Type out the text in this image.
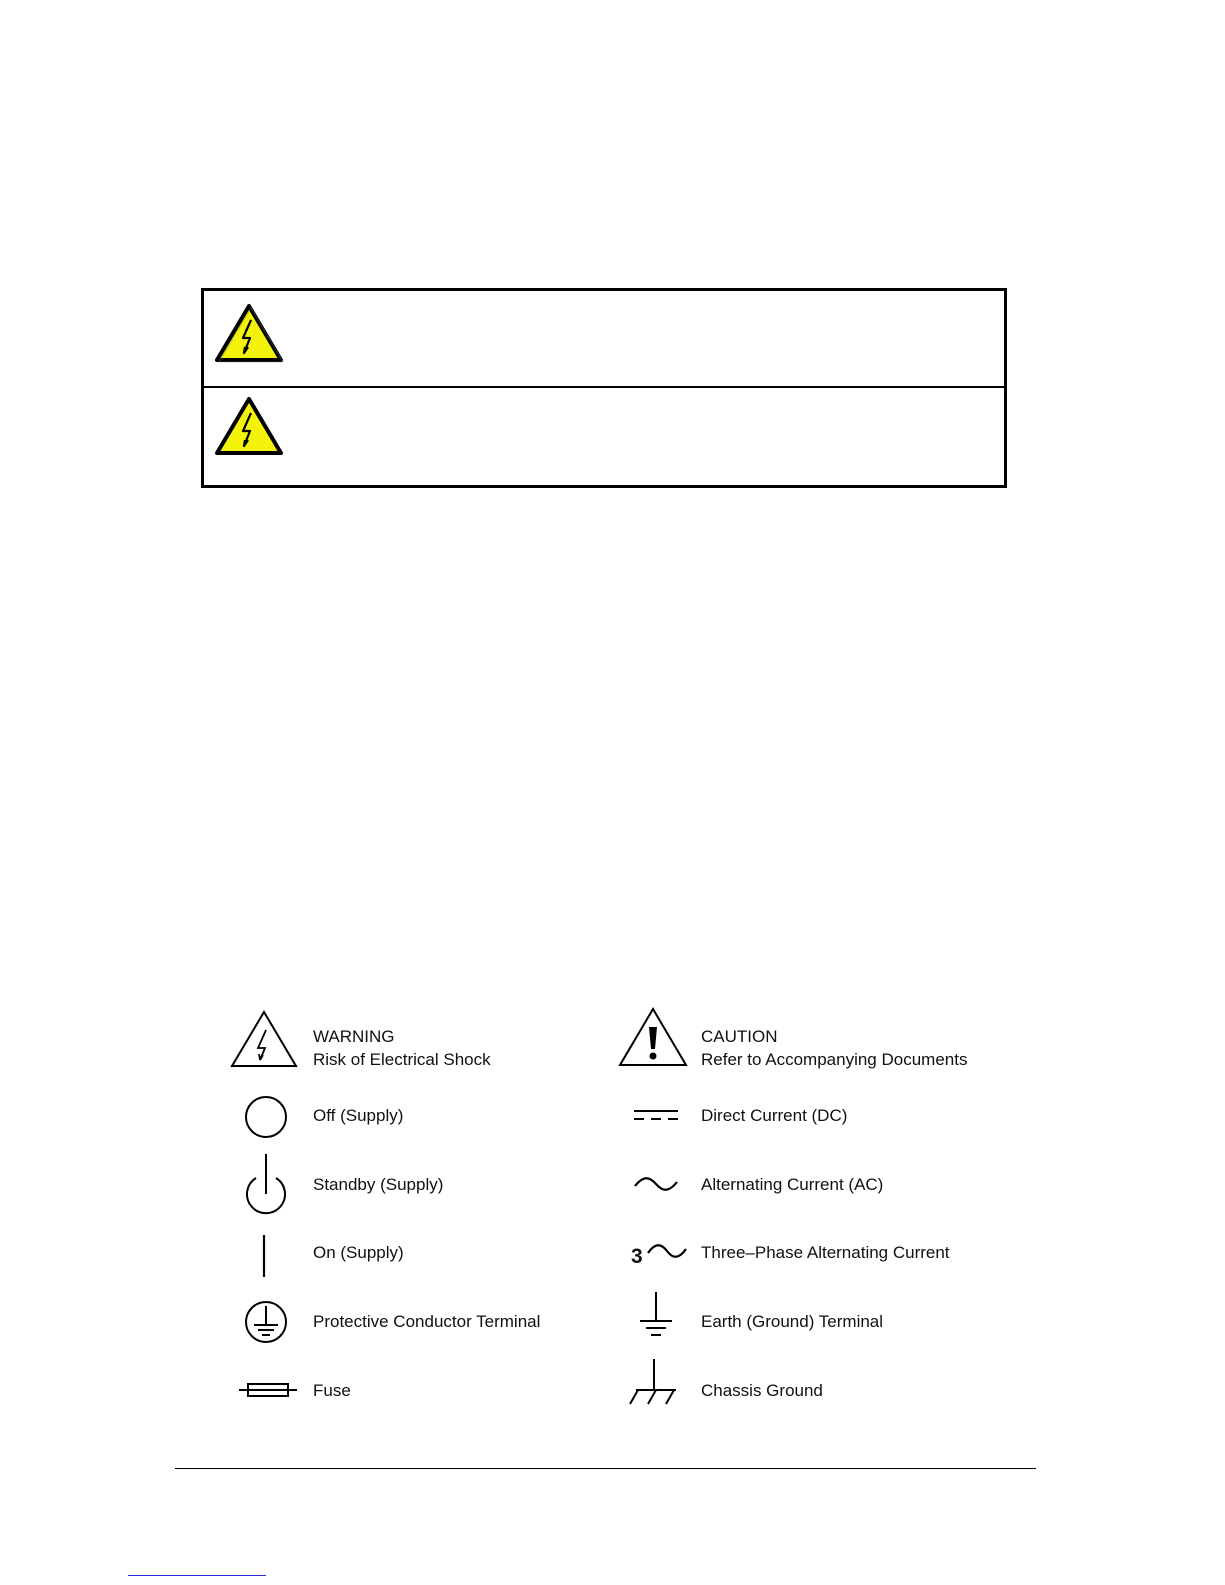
WARNING
Risk of Electrical Shock
Off (Supply)
Standby (Supply)
On (Supply)
Protective Conductor Terminal
Fuse
CAUTION
Refer to Accompanying Documents
Direct Current (DC)
Alternating Current (AC)
3	Three–Phase Alternating Current
Earth (Ground) Terminal
Chassis Ground
